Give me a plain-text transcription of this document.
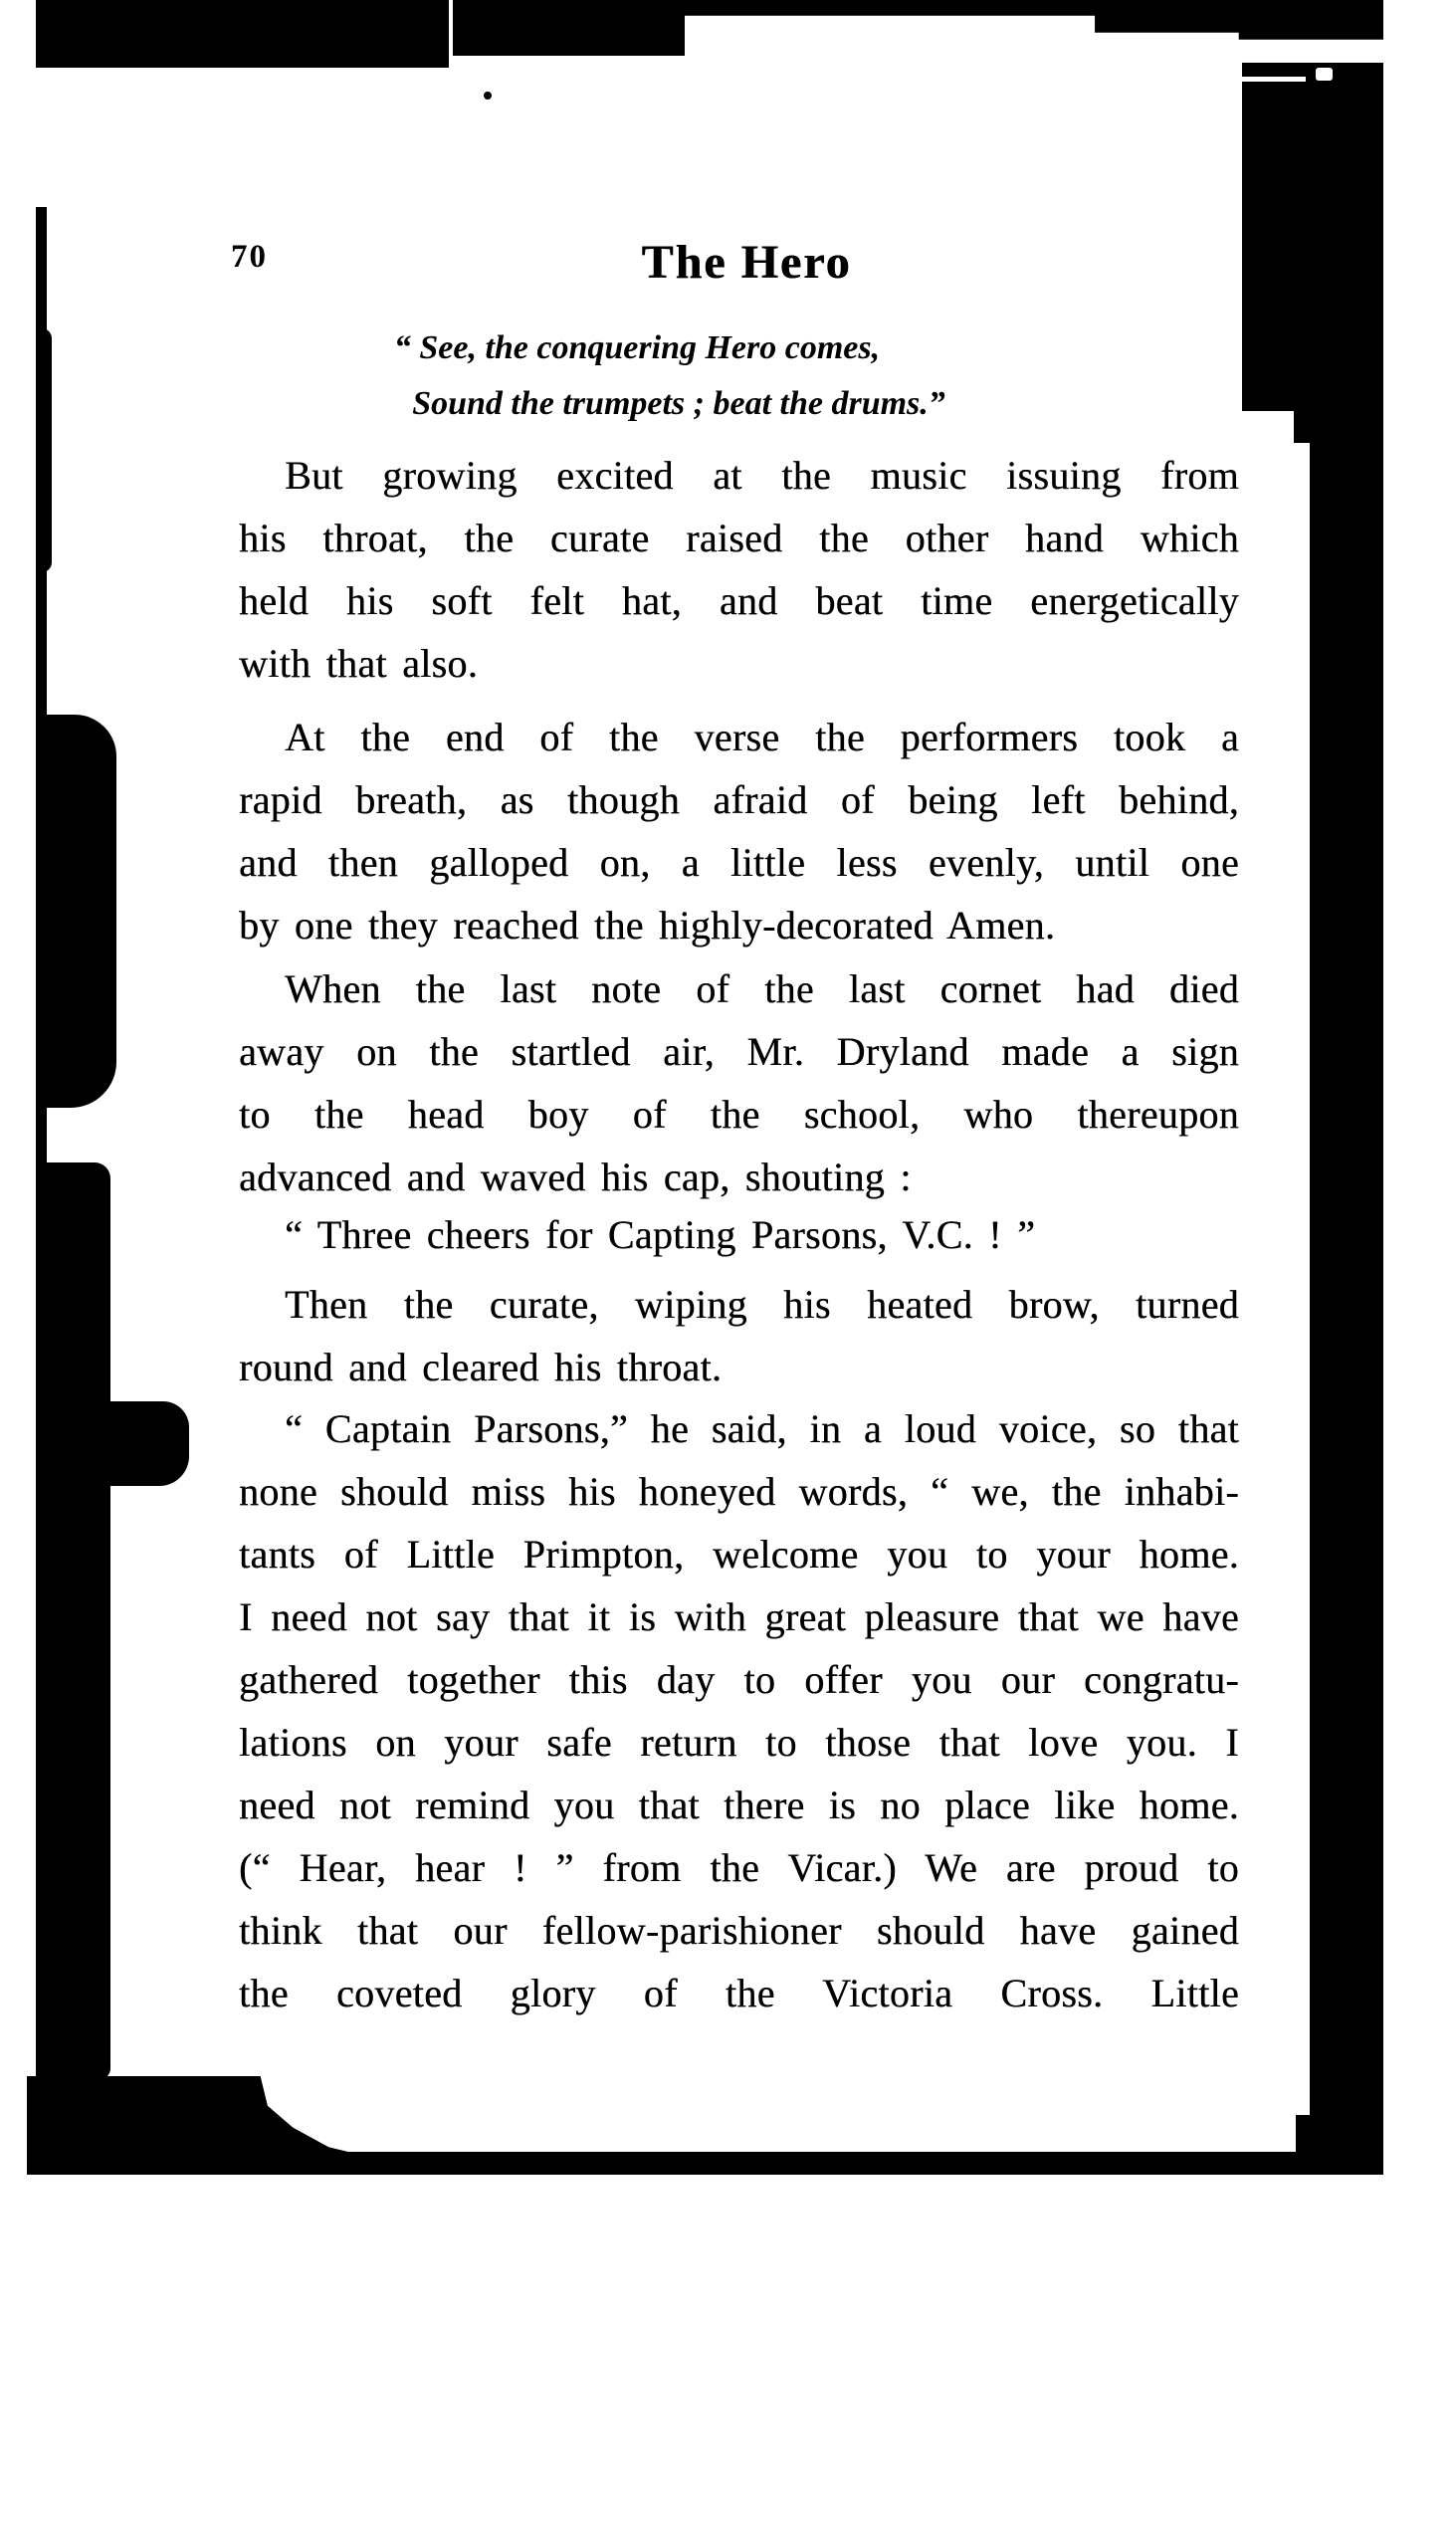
70	The Hero
“ See, the conquering Hero comes,
Sound the trumpets ; beat the drums.”
But growing excited at the music issuing from
his throat, the curate raised the other hand which
held his soft felt hat, and beat time energetically
with that also.
At the end of the verse the performers took a
rapid breath, as though afraid of being left behind,
and then galloped on, a little less evenly, until one
by one they reached the highly-decorated Amen.
When the last note of the last cornet had died
away on the startled air, Mr. Dryland made a sign
to the head boy of the school, who thereupon
advanced and waved his cap, shouting :
“ Three cheers for Capting Parsons, V.C. ! ”
Then the curate, wiping his heated brow, turned
round and cleared his throat.
“ Captain Parsons,” he said, in a loud voice, so that
none should miss his honeyed words, “ we, the inhabi-
tants of Little Primpton, welcome you to your home.
I need not say that it is with great pleasure that we have
gathered together this day to offer you our congratu-
lations on your safe return to those that love you. I
need not remind you that there is no place like home.
(“ Hear, hear ! ” from the Vicar.) We are proud to
think that our fellow-parishioner should have gained
the coveted glory of the Victoria Cross. Little
